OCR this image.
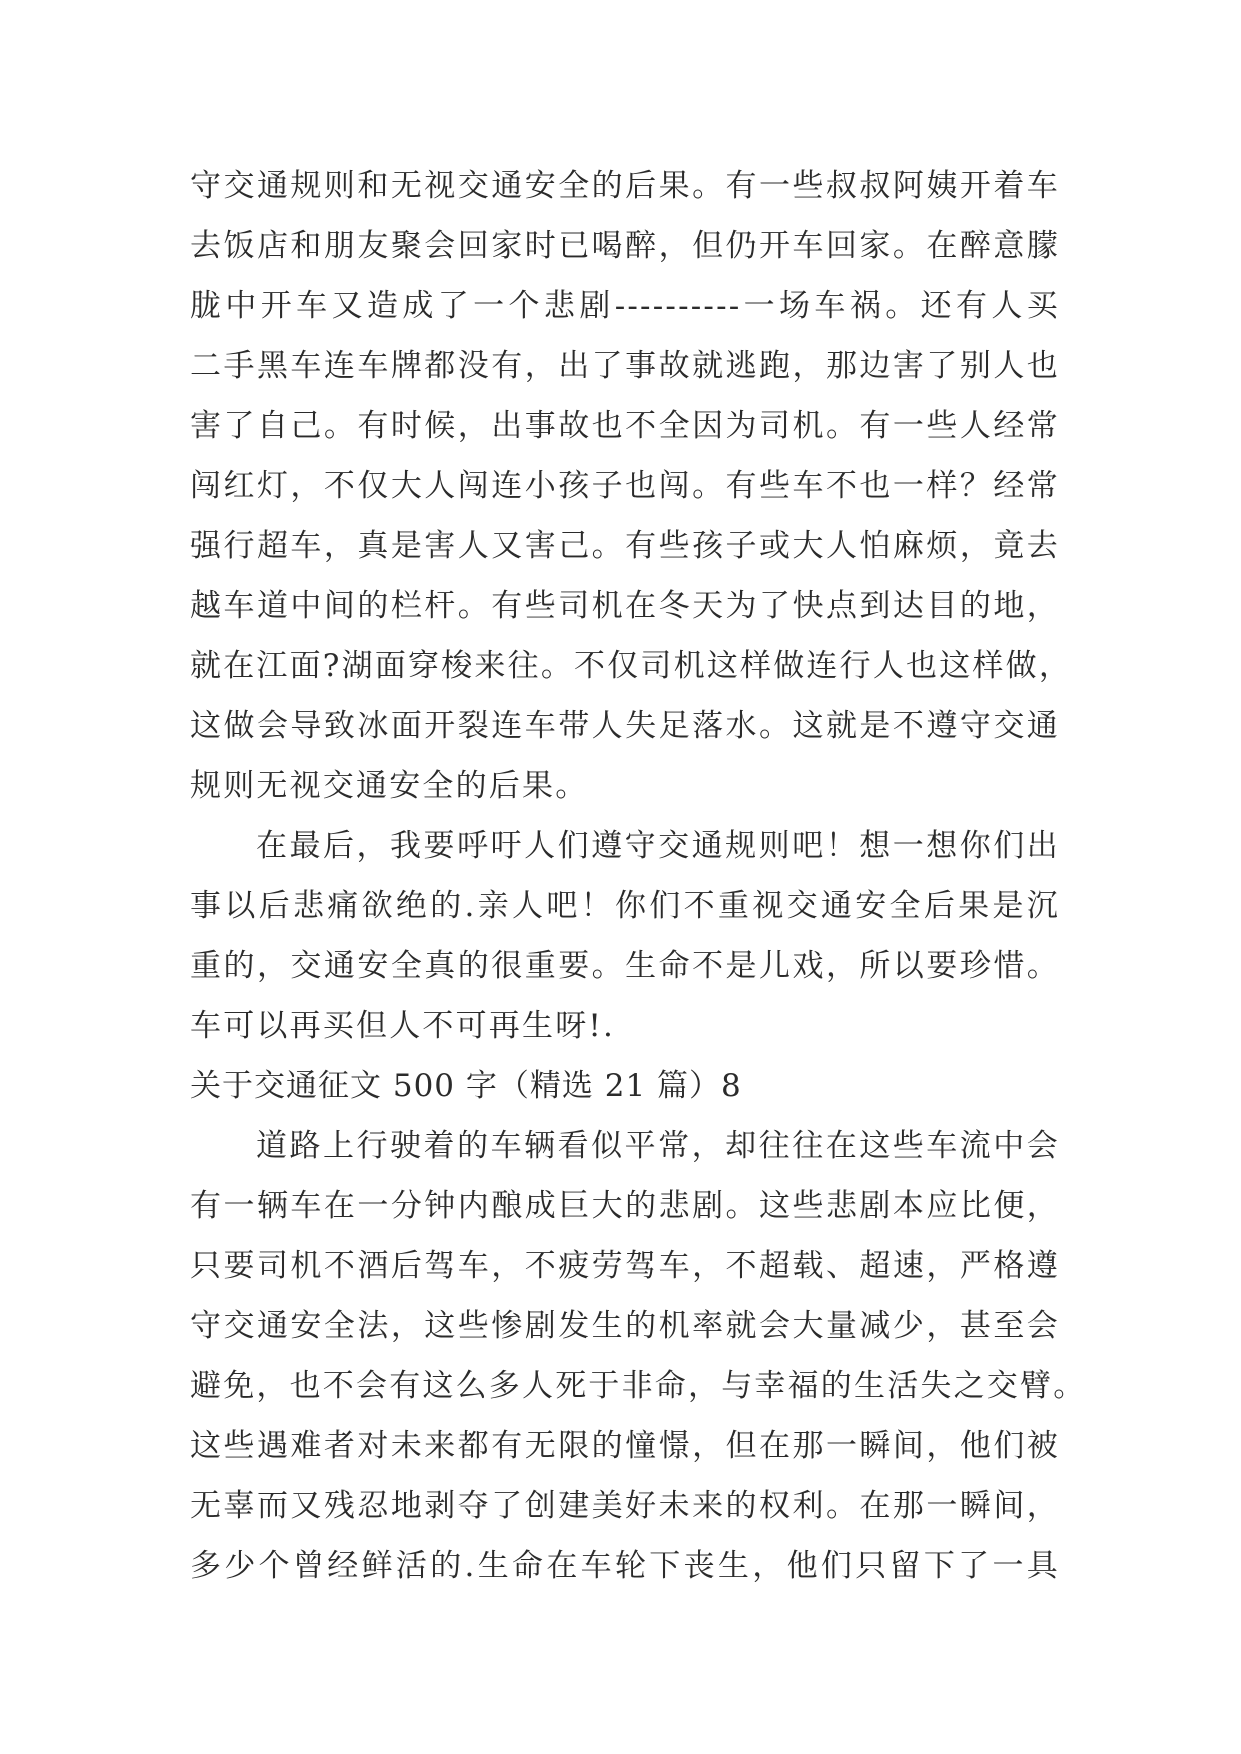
守交通规则和无视交通安全的后果。有一些叔叔阿姨开着车
去饭店和朋友聚会回家时已喝醉，但仍开车回家。在醉意朦
胧中开车又造成了一个悲剧----------一场车祸。还有人买
二手黑车连车牌都没有，出了事故就逃跑，那边害了别人也
害了自己。有时候，出事故也不全因为司机。有一些人经常
闯红灯，不仅大人闯连小孩子也闯。有些车不也一样？经常
强行超车，真是害人又害己。有些孩子或大人怕麻烦，竟去
越车道中间的栏杆。有些司机在冬天为了快点到达目的地，
就在江面?湖面穿梭来往。不仅司机这样做连行人也这样做，
这做会导致冰面开裂连车带人失足落水。这就是不遵守交通
规则无视交通安全的后果。
在最后，我要呼吁人们遵守交通规则吧！想一想你们出
事以后悲痛欲绝的.亲人吧！你们不重视交通安全后果是沉
重的，交通安全真的很重要。生命不是儿戏，所以要珍惜。
车可以再买但人不可再生呀!.
关于交通征文 500 字（精选 21 篇）8
道路上行驶着的车辆看似平常，却往往在这些车流中会
有一辆车在一分钟内酿成巨大的悲剧。这些悲剧本应比便，
只要司机不酒后驾车，不疲劳驾车，不超载、超速，严格遵
守交通安全法，这些惨剧发生的机率就会大量减少，甚至会
避免，也不会有这么多人死于非命，与幸福的生活失之交臂。
这些遇难者对未来都有无限的憧憬，但在那一瞬间，他们被
无辜而又残忍地剥夺了创建美好未来的权利。在那一瞬间，
多少个曾经鲜活的.生命在车轮下丧生，他们只留下了一具
